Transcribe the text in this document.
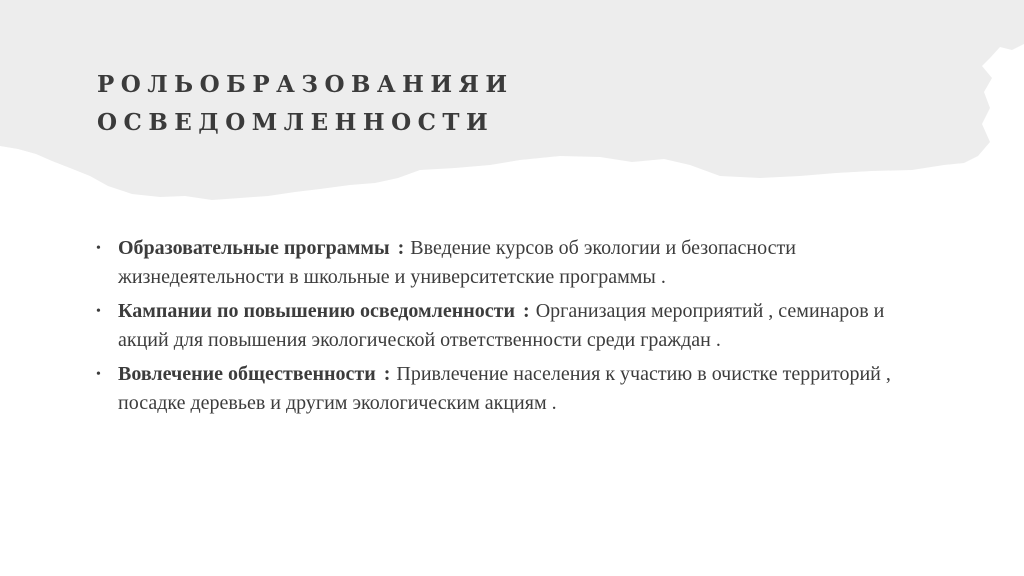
РОЛЬОБРАЗОВАНИЯИ
ОСВЕДОМЛЕННОСТИ
• Образовательные программы : Введение курсов об экологии и безопасности жизнедеятельности в школьные и университетские программы .
• Кампании по повышению осведомленности : Организация мероприятий , семинаров и акций для повышения экологической ответственности среди граждан .
• Вовлечение общественности : Привлечение населения к участию в очистке территорий , посадке деревьев и другим экологическим акциям .
